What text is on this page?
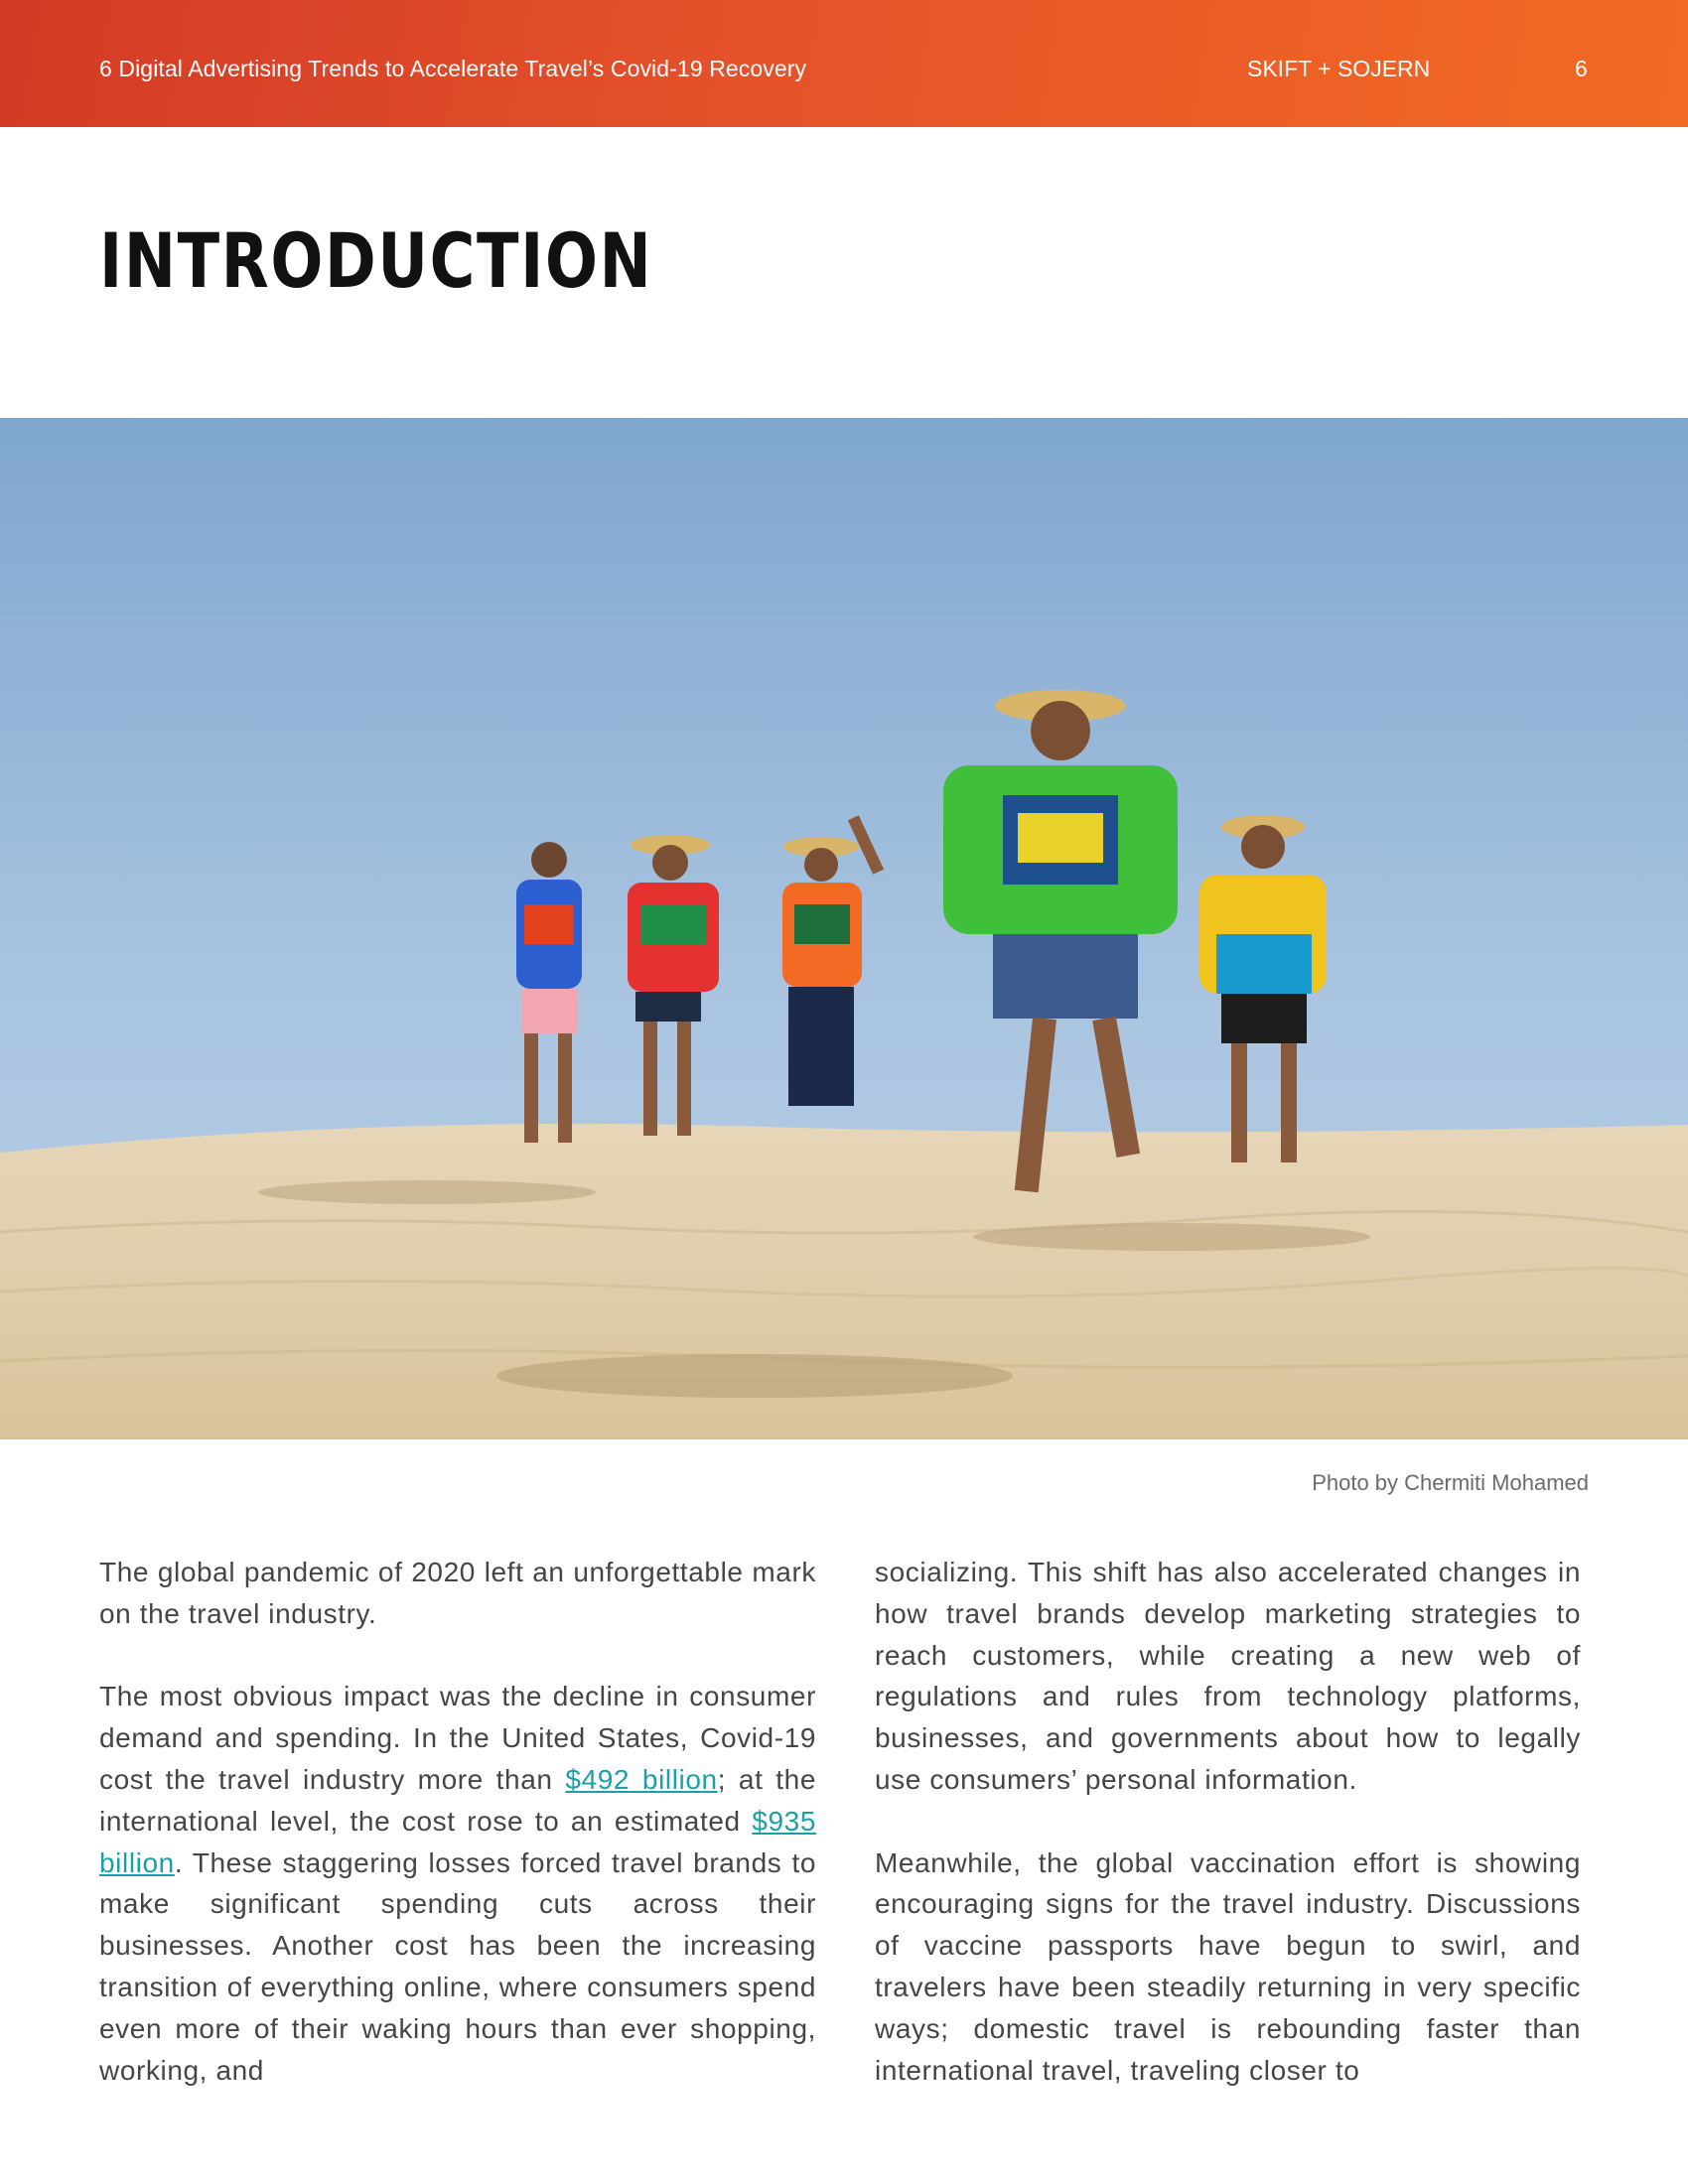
6 Digital Advertising Trends to Accelerate Travel’s Covid-19 Recovery	SKIFT + SOJERN	6
INTRODUCTION
Photo by Chermiti Mohamed

The global pandemic of 2020 left an unforgettable mark on the travel industry.

The most obvious impact was the decline in consumer demand and spending. In the United States, Covid-19 cost the travel industry more than $492 billion; at the international level, the cost rose to an estimated $935 billion. These staggering losses forced travel brands to make significant spending cuts across their businesses. Another cost has been the increasing transition of everything online, where consumers spend even more of their waking hours than ever shopping, working, and

socializing. This shift has also accelerated changes in how travel brands develop marketing strategies to reach customers, while creating a new web of regulations and rules from technology platforms, businesses, and governments about how to legally use consumers’ personal information.

Meanwhile, the global vaccination effort is showing encouraging signs for the travel industry. Discussions of vaccine passports have begun to swirl, and travelers have been steadily returning in very specific ways; domestic travel is rebounding faster than international travel, traveling closer to
